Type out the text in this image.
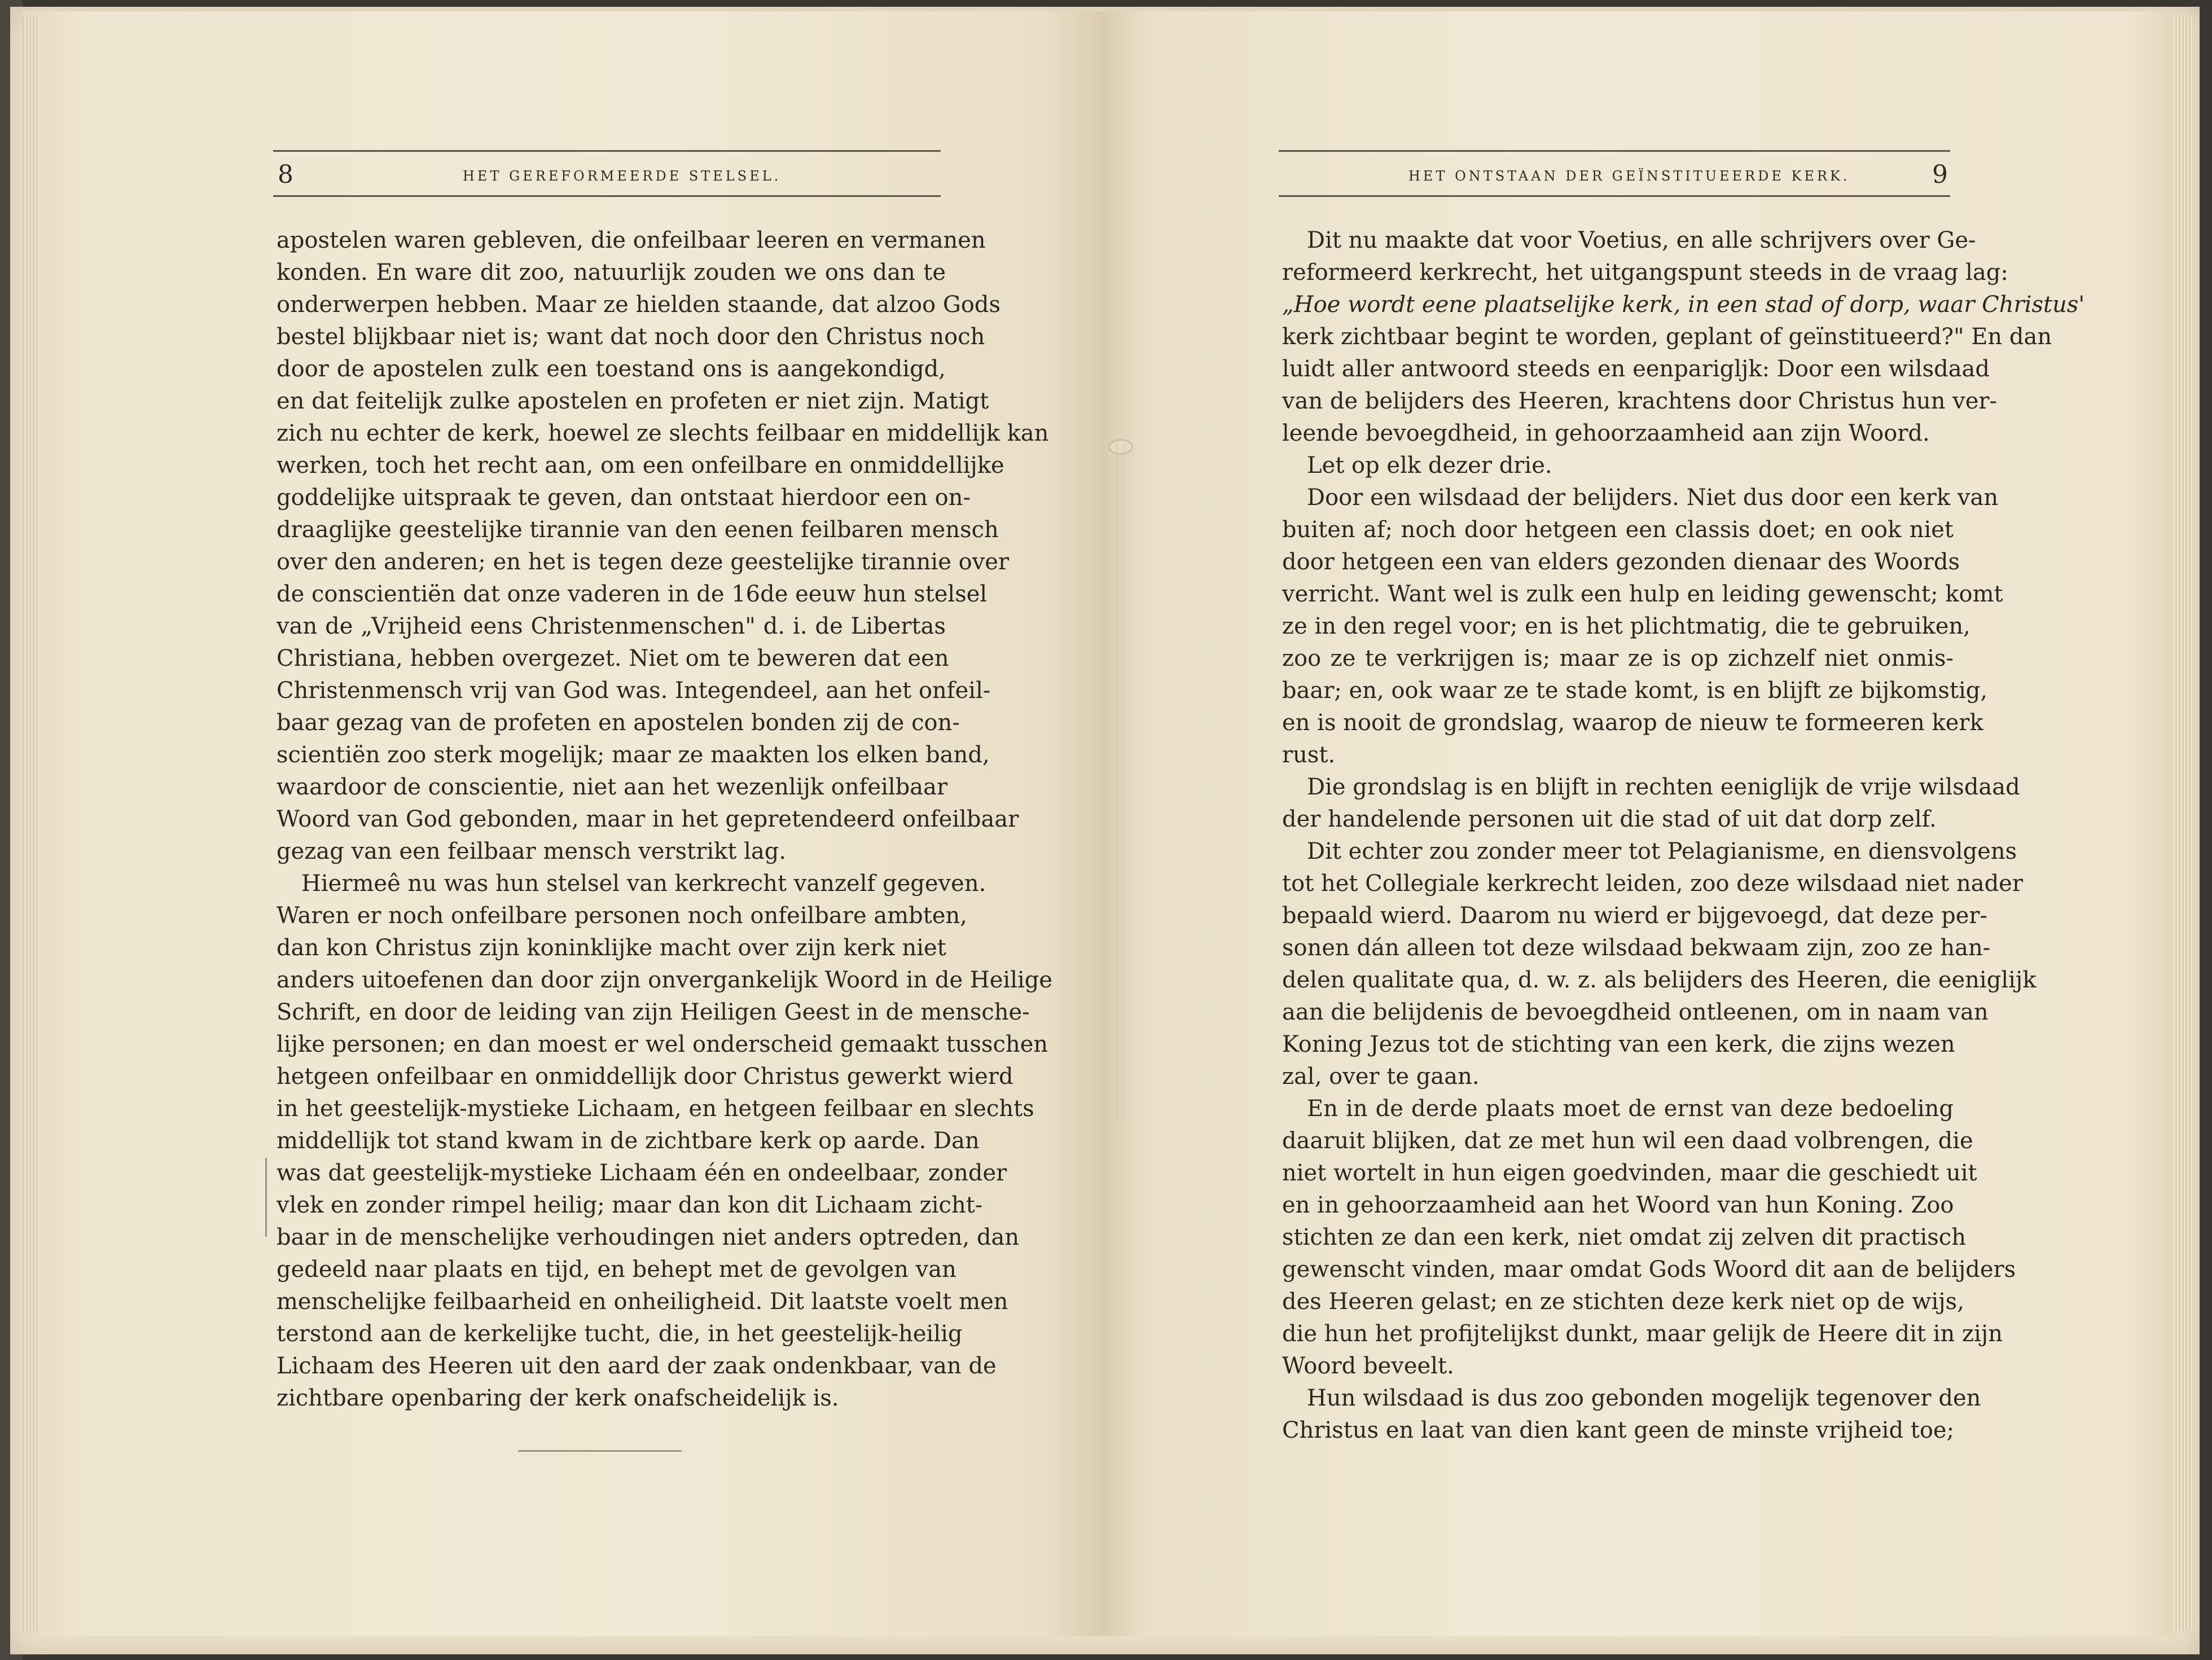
8	HET GEREFORMEERDE STELSEL.	HET ONTSTAAN DER GEÏNSTITUEERDE KERK.	9
apostelen waren gebleven, die onfeilbaar leeren en vermanen
konden. En ware dit zoo, natuurlijk zouden we ons dan te
onderwerpen hebben. Maar ze hielden staande, dat alzoo Gods
bestel blijkbaar niet is; want dat noch door den Christus noch
door de apostelen zulk een toestand ons is aangekondigd,
en dat feitelijk zulke apostelen en profeten er niet zijn. Matigt
zich nu echter de kerk, hoewel ze slechts feilbaar en middellijk kan
werken, toch het recht aan, om een onfeilbare en onmiddellijke
goddelijke uitspraak te geven, dan ontstaat hierdoor een on-
draaglijke geestelijke tirannie van den eenen feilbaren mensch
over den anderen; en het is tegen deze geestelijke tirannie over
de conscientiën dat onze vaderen in de 16de eeuw hun stelsel
van de „Vrijheid eens Christenmenschen" d. i. de Libertas
Christiana, hebben overgezet. Niet om te beweren dat een
Christenmensch vrij van God was. Integendeel, aan het onfeil-
baar gezag van de profeten en apostelen bonden zij de con-
scientiën zoo sterk mogelijk; maar ze maakten los elken band,
waardoor de conscientie, niet aan het wezenlijk onfeilbaar
Woord van God gebonden, maar in het gepretendeerd onfeilbaar
gezag van een feilbaar mensch verstrikt lag.
Hiermeê nu was hun stelsel van kerkrecht vanzelf gegeven.
Waren er noch onfeilbare personen noch onfeilbare ambten,
dan kon Christus zijn koninklijke macht over zijn kerk niet
anders uitoefenen dan door zijn onvergankelijk Woord in de Heilige
Schrift, en door de leiding van zijn Heiligen Geest in de mensche-
lijke personen; en dan moest er wel onderscheid gemaakt tusschen
hetgeen onfeilbaar en onmiddellijk door Christus gewerkt wierd
in het geestelijk-mystieke Lichaam, en hetgeen feilbaar en slechts
middellijk tot stand kwam in de zichtbare kerk op aarde. Dan
was dat geestelijk-mystieke Lichaam één en ondeelbaar, zonder
vlek en zonder rimpel heilig; maar dan kon dit Lichaam zicht-
baar in de menschelijke verhoudingen niet anders optreden, dan
gedeeld naar plaats en tijd, en behept met de gevolgen van
menschelijke feilbaarheid en onheiligheid. Dit laatste voelt men
terstond aan de kerkelijke tucht, die, in het geestelijk-heilig
Lichaam des Heeren uit den aard der zaak ondenkbaar, van de
zichtbare openbaring der kerk onafscheidelijk is.
Dit nu maakte dat voor Voetius, en alle schrijvers over Ge-
reformeerd kerkrecht, het uitgangspunt steeds in de vraag lag:
„Hoe wordt eene plaatselijke kerk, in een stad of dorp, waar Christus'
kerk zichtbaar begint te worden, geplant of geïnstitueerd?" En dan
luidt aller antwoord steeds en eenparigljk: Door een wilsdaad
van de belijders des Heeren, krachtens door Christus hun ver-
leende bevoegdheid, in gehoorzaamheid aan zijn Woord.
Let op elk dezer drie.
Door een wilsdaad der belijders. Niet dus door een kerk van
buiten af; noch door hetgeen een classis doet; en ook niet
door hetgeen een van elders gezonden dienaar des Woords
verricht. Want wel is zulk een hulp en leiding gewenscht; komt
ze in den regel voor; en is het plichtmatig, die te gebruiken,
zoo ze te verkrijgen is; maar ze is op zichzelf niet onmis-
baar; en, ook waar ze te stade komt, is en blijft ze bijkomstig,
en is nooit de grondslag, waarop de nieuw te formeeren kerk
rust.
Die grondslag is en blijft in rechten eeniglijk de vrije wilsdaad
der handelende personen uit die stad of uit dat dorp zelf.
Dit echter zou zonder meer tot Pelagianisme, en diensvolgens
tot het Collegiale kerkrecht leiden, zoo deze wilsdaad niet nader
bepaald wierd. Daarom nu wierd er bijgevoegd, dat deze per-
sonen dán alleen tot deze wilsdaad bekwaam zijn, zoo ze han-
delen qualitate qua, d. w. z. als belijders des Heeren, die eeniglijk
aan die belijdenis de bevoegdheid ontleenen, om in naam van
Koning Jezus tot de stichting van een kerk, die zijns wezen
zal, over te gaan.
En in de derde plaats moet de ernst van deze bedoeling
daaruit blijken, dat ze met hun wil een daad volbrengen, die
niet wortelt in hun eigen goedvinden, maar die geschiedt uit
en in gehoorzaamheid aan het Woord van hun Koning. Zoo
stichten ze dan een kerk, niet omdat zij zelven dit practisch
gewenscht vinden, maar omdat Gods Woord dit aan de belijders
des Heeren gelast; en ze stichten deze kerk niet op de wijs,
die hun het profijtelijkst dunkt, maar gelijk de Heere dit in zijn
Woord beveelt.
Hun wilsdaad is dus zoo gebonden mogelijk tegenover den
Christus en laat van dien kant geen de minste vrijheid toe;
